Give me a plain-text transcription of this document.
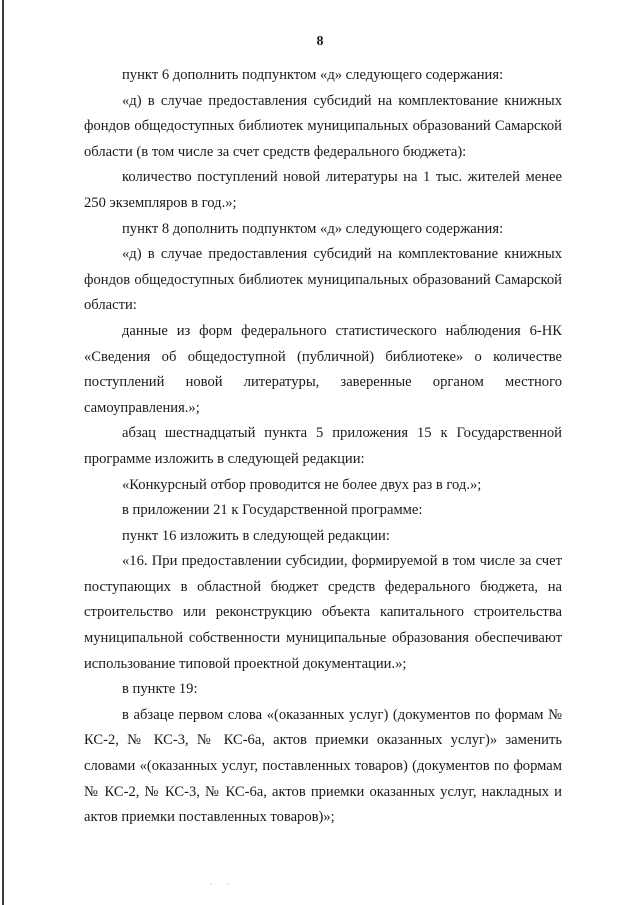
8

пункт 6 дополнить подпунктом «д» следующего содержания:

«д) в случае предоставления субсидий на комплектование книжных фондов общедоступных библиотек муниципальных образований Самарской области (в том числе за счет средств федерального бюджета):

количество поступлений новой литературы на 1 тыс. жителей менее 250 экземпляров в год.»;

пункт 8 дополнить подпунктом «д» следующего содержания:

«д) в случае предоставления субсидий на комплектование книжных фондов общедоступных библиотек муниципальных образований Самарской области:

данные из форм федерального статистического наблюдения 6-НК «Сведения об общедоступной (публичной) библиотеке» о количестве поступлений новой литературы, заверенные органом местного самоуправления.»;

абзац шестнадцатый пункта 5 приложения 15 к Государственной программе изложить в следующей редакции:

«Конкурсный отбор проводится не более двух раз в год.»;

в приложении 21 к Государственной программе:

пункт 16 изложить в следующей редакции:

«16. При предоставлении субсидии, формируемой в том числе за счет поступающих в областной бюджет средств федерального бюджета, на строительство или реконструкцию объекта капитального строительства муниципальной собственности муниципальные образования обеспечивают использование типовой проектной документации.»;

в пункте 19:

в абзаце первом слова «(оказанных услуг) (документов по формам № КС-2, № КС-3, № КС-6а, актов приемки оказанных услуг)» заменить словами «(оказанных услуг, поставленных товаров) (документов по формам № КС-2, № КС-3, № КС-6а, актов приемки оказанных услуг, накладных и актов приемки поставленных товаров)»;

· ·
